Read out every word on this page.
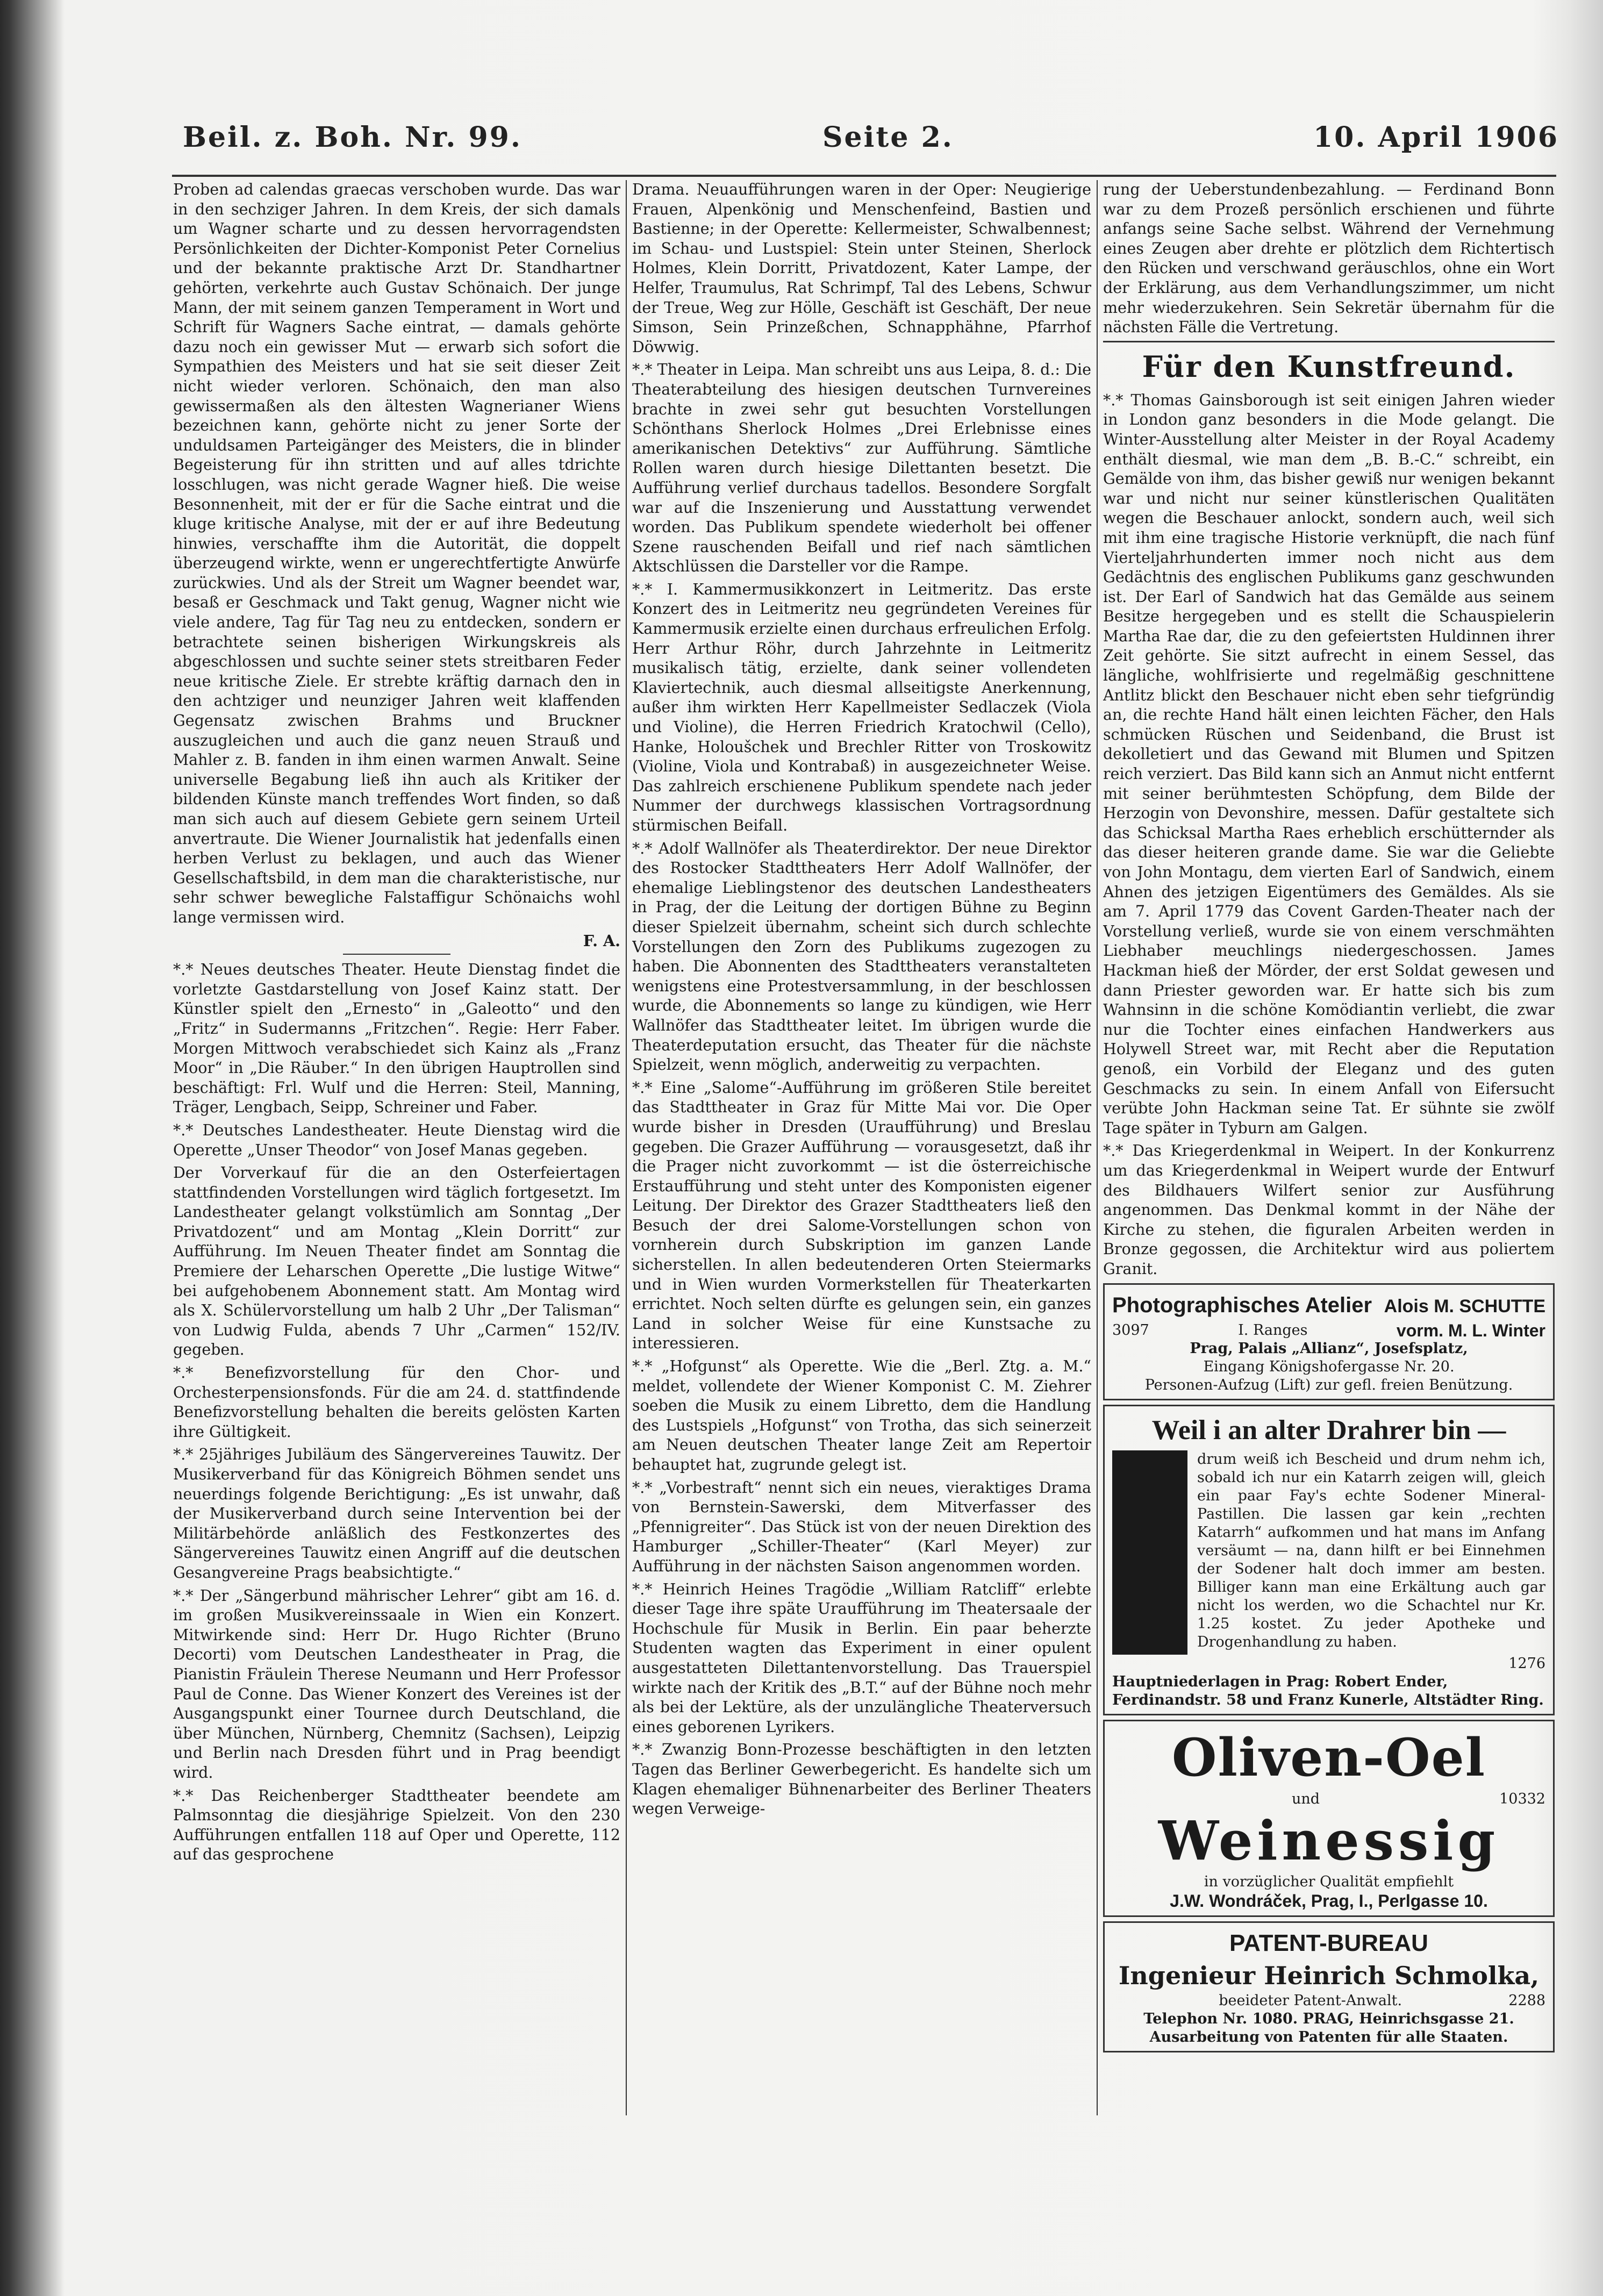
Beil. z. Boh. Nr. 99.	Seite 2.	10. April 1906

Proben ad calendas graecas verschoben wurde. Das war in den sechziger Jahren. In dem Kreis, der sich damals um Wagner scharte und zu dessen hervorragendsten Persönlichkeiten der Dichter-Komponist Peter Cornelius und der bekannte praktische Arzt Dr. Standhartner gehörten, verkehrte auch Gustav Schönaich. Der junge Mann, der mit seinem ganzen Temperament in Wort und Schrift für Wagners Sache eintrat, — damals gehörte dazu noch ein gewisser Mut — erwarb sich sofort die Sympathien des Meisters und hat sie seit dieser Zeit nicht wieder verloren. Schönaich, den man also gewissermaßen als den ältesten Wagnerianer Wiens bezeichnen kann, gehörte nicht zu jener Sorte der unduldsamen Parteigänger des Meisters, die in blinder Begeisterung für ihn stritten und auf alles tdrichte losschlugen, was nicht gerade Wagner hieß. Die weise Besonnenheit, mit der er für die Sache eintrat und die kluge kritische Analyse, mit der er auf ihre Bedeutung hinwies, verschaffte ihm die Autorität, die doppelt überzeugend wirkte, wenn er ungerechtfertigte Anwürfe zurückwies. Und als der Streit um Wagner beendet war, besaß er Geschmack und Takt genug, Wagner nicht wie viele andere, Tag für Tag neu zu entdecken, sondern er betrachtete seinen bisherigen Wirkungskreis als abgeschlossen und suchte seiner stets streitbaren Feder neue kritische Ziele. Er strebte kräftig darnach den in den achtziger und neunziger Jahren weit klaffenden Gegensatz zwischen Brahms und Bruckner auszugleichen und auch die ganz neuen Strauß und Mahler z. B. fanden in ihm einen warmen Anwalt. Seine universelle Begabung ließ ihn auch als Kritiker der bildenden Künste manch treffendes Wort finden, so daß man sich auch auf diesem Gebiete gern seinem Urteil anvertraute. Die Wiener Journalistik hat jedenfalls einen herben Verlust zu beklagen, und auch das Wiener Gesellschaftsbild, in dem man die charakteristische, nur sehr schwer bewegliche Falstaffigur Schönaichs wohl lange vermissen wird.

F. A.

*.* Neues deutsches Theater. Heute Dienstag findet die vorletzte Gastdarstellung von Josef Kainz statt. Der Künstler spielt den „Ernesto“ in „Galeotto“ und den „Fritz“ in Sudermanns „Fritzchen“. Regie: Herr Faber. Morgen Mittwoch verabschiedet sich Kainz als „Franz Moor“ in „Die Räuber.“ In den übrigen Hauptrollen sind beschäftigt: Frl. Wulf und die Herren: Steil, Manning, Träger, Lengbach, Seipp, Schreiner und Faber.

*.* Deutsches Landestheater. Heute Dienstag wird die Operette „Unser Theodor“ von Josef Manas gegeben.

Der Vorverkauf für die an den Osterfeiertagen stattfindenden Vorstellungen wird täglich fortgesetzt. Im Landestheater gelangt volkstümlich am Sonntag „Der Privatdozent“ und am Montag „Klein Dorritt“ zur Aufführung. Im Neuen Theater findet am Sonntag die Premiere der Leharschen Operette „Die lustige Witwe“ bei aufgehobenem Abonnement statt. Am Montag wird als X. Schülervorstellung um halb 2 Uhr „Der Talisman“ von Ludwig Fulda, abends 7 Uhr „Carmen“ 152/IV. gegeben.

*.* Benefizvorstellung für den Chor- und Orchesterpensionsfonds. Für die am 24. d. stattfindende Benefizvorstellung behalten die bereits gelösten Karten ihre Gültigkeit.

*.* 25jähriges Jubiläum des Sängervereines Tauwitz. Der Musikerverband für das Königreich Böhmen sendet uns neuerdings folgende Berichtigung: „Es ist unwahr, daß der Musikerverband durch seine Intervention bei der Militärbehörde anläßlich des Festkonzertes des Sängervereines Tauwitz einen Angriff auf die deutschen Gesangvereine Prags beabsichtigte.“

*.* Der „Sängerbund mährischer Lehrer“ gibt am 16. d. im großen Musikvereinssaale in Wien ein Konzert. Mitwirkende sind: Herr Dr. Hugo Richter (Bruno Decorti) vom Deutschen Landestheater in Prag, die Pianistin Fräulein Therese Neumann und Herr Professor Paul de Conne. Das Wiener Konzert des Vereines ist der Ausgangspunkt einer Tournee durch Deutschland, die über München, Nürnberg, Chemnitz (Sachsen), Leipzig und Berlin nach Dresden führt und in Prag beendigt wird.

*.* Das Reichenberger Stadttheater beendete am Palmsonntag die diesjährige Spielzeit. Von den 230 Aufführungen entfallen 118 auf Oper und Operette, 112 auf das gesprochene

Drama. Neuaufführungen waren in der Oper: Neugierige Frauen, Alpenkönig und Menschenfeind, Bastien und Bastienne; in der Operette: Kellermeister, Schwalbennest; im Schau- und Lustspiel: Stein unter Steinen, Sherlock Holmes, Klein Dorritt, Privatdozent, Kater Lampe, der Helfer, Traumulus, Rat Schrimpf, Tal des Lebens, Schwur der Treue, Weg zur Hölle, Geschäft ist Geschäft, Der neue Simson, Sein Prinzeßchen, Schnapphähne, Pfarrhof Döwwig.

*.* Theater in Leipa. Man schreibt uns aus Leipa, 8. d.: Die Theaterabteilung des hiesigen deutschen Turnvereines brachte in zwei sehr gut besuchten Vorstellungen Schönthans Sherlock Holmes „Drei Erlebnisse eines amerikanischen Detektivs“ zur Aufführung. Sämtliche Rollen waren durch hiesige Dilettanten besetzt. Die Aufführung verlief durchaus tadellos. Besondere Sorgfalt war auf die Inszenierung und Ausstattung verwendet worden. Das Publikum spendete wiederholt bei offener Szene rauschenden Beifall und rief nach sämtlichen Aktschlüssen die Darsteller vor die Rampe.

*.* I. Kammermusikkonzert in Leitmeritz. Das erste Konzert des in Leitmeritz neu gegründeten Vereines für Kammermusik erzielte einen durchaus erfreulichen Erfolg. Herr Arthur Röhr, durch Jahrzehnte in Leitmeritz musikalisch tätig, erzielte, dank seiner vollendeten Klaviertechnik, auch diesmal allseitigste Anerkennung, außer ihm wirkten Herr Kapellmeister Sedlaczek (Viola und Violine), die Herren Friedrich Kratochwil (Cello), Hanke, Holoušchek und Brechler Ritter von Troskowitz (Violine, Viola und Kontrabaß) in ausgezeichneter Weise. Das zahlreich erschienene Publikum spendete nach jeder Nummer der durchwegs klassischen Vortragsordnung stürmischen Beifall.

*.* Adolf Wallnöfer als Theaterdirektor. Der neue Direktor des Rostocker Stadttheaters Herr Adolf Wallnöfer, der ehemalige Lieblingstenor des deutschen Landestheaters in Prag, der die Leitung der dortigen Bühne zu Beginn dieser Spielzeit übernahm, scheint sich durch schlechte Vorstellungen den Zorn des Publikums zugezogen zu haben. Die Abonnenten des Stadttheaters veranstalteten wenigstens eine Protestversammlung, in der beschlossen wurde, die Abonnements so lange zu kündigen, wie Herr Wallnöfer das Stadttheater leitet. Im übrigen wurde die Theaterdeputation ersucht, das Theater für die nächste Spielzeit, wenn möglich, anderweitig zu verpachten.

*.* Eine „Salome“-Aufführung im größeren Stile bereitet das Stadttheater in Graz für Mitte Mai vor. Die Oper wurde bisher in Dresden (Uraufführung) und Breslau gegeben. Die Grazer Aufführung — vorausgesetzt, daß ihr die Prager nicht zuvorkommt — ist die österreichische Erstaufführung und steht unter des Komponisten eigener Leitung. Der Direktor des Grazer Stadttheaters ließ den Besuch der drei Salome-Vorstellungen schon von vornherein durch Subskription im ganzen Lande sicherstellen. In allen bedeutenderen Orten Steiermarks und in Wien wurden Vormerkstellen für Theaterkarten errichtet. Noch selten dürfte es gelungen sein, ein ganzes Land in solcher Weise für eine Kunstsache zu interessieren.

*.* „Hofgunst“ als Operette. Wie die „Berl. Ztg. a. M.“ meldet, vollendete der Wiener Komponist C. M. Ziehrer soeben die Musik zu einem Libretto, dem die Handlung des Lustspiels „Hofgunst“ von Trotha, das sich seinerzeit am Neuen deutschen Theater lange Zeit am Repertoir behauptet hat, zugrunde gelegt ist.

*.* „Vorbestraft“ nennt sich ein neues, vieraktiges Drama von Bernstein-Sawerski, dem Mitverfasser des „Pfennigreiter“. Das Stück ist von der neuen Direktion des Hamburger „Schiller-Theater“ (Karl Meyer) zur Aufführung in der nächsten Saison angenommen worden.

*.* Heinrich Heines Tragödie „William Ratcliff“ erlebte dieser Tage ihre späte Uraufführung im Theatersaale der Hochschule für Musik in Berlin. Ein paar beherzte Studenten wagten das Experiment in einer opulent ausgestatteten Dilettantenvorstellung. Das Trauerspiel wirkte nach der Kritik des „B.T.“ auf der Bühne noch mehr als bei der Lektüre, als der unzulängliche Theaterversuch eines geborenen Lyrikers.

*.* Zwanzig Bonn-Prozesse beschäftigten in den letzten Tagen das Berliner Gewerbegericht. Es handelte sich um Klagen ehemaliger Bühnenarbeiter des Berliner Theaters wegen Verweige-

rung der Ueberstundenbezahlung. — Ferdinand Bonn war zu dem Prozeß persönlich erschienen und führte anfangs seine Sache selbst. Während der Vernehmung eines Zeugen aber drehte er plötzlich dem Richtertisch den Rücken und verschwand geräuschlos, ohne ein Wort der Erklärung, aus dem Verhandlungszimmer, um nicht mehr wiederzukehren. Sein Sekretär übernahm für die nächsten Fälle die Vertretung.

Für den Kunstfreund.

*.* Thomas Gainsborough ist seit einigen Jahren wieder in London ganz besonders in die Mode gelangt. Die Winter-Ausstellung alter Meister in der Royal Academy enthält diesmal, wie man dem „B. B.-C.“ schreibt, ein Gemälde von ihm, das bisher gewiß nur wenigen bekannt war und nicht nur seiner künstlerischen Qualitäten wegen die Beschauer anlockt, sondern auch, weil sich mit ihm eine tragische Historie verknüpft, die nach fünf Vierteljahrhunderten immer noch nicht aus dem Gedächtnis des englischen Publikums ganz geschwunden ist. Der Earl of Sandwich hat das Gemälde aus seinem Besitze hergegeben und es stellt die Schauspielerin Martha Rae dar, die zu den gefeiertsten Huldinnen ihrer Zeit gehörte. Sie sitzt aufrecht in einem Sessel, das längliche, wohlfrisierte und regelmäßig geschnittene Antlitz blickt den Beschauer nicht eben sehr tiefgründig an, die rechte Hand hält einen leichten Fächer, den Hals schmücken Rüschen und Seidenband, die Brust ist dekolletiert und das Gewand mit Blumen und Spitzen reich verziert. Das Bild kann sich an Anmut nicht entfernt mit seiner berühmtesten Schöpfung, dem Bilde der Herzogin von Devonshire, messen. Dafür gestaltete sich das Schicksal Martha Raes erheblich erschütternder als das dieser heiteren grande dame. Sie war die Geliebte von John Montagu, dem vierten Earl of Sandwich, einem Ahnen des jetzigen Eigentümers des Gemäldes. Als sie am 7. April 1779 das Covent Garden-Theater nach der Vorstellung verließ, wurde sie von einem verschmähten Liebhaber meuchlings niedergeschossen. James Hackman hieß der Mörder, der erst Soldat gewesen und dann Priester geworden war. Er hatte sich bis zum Wahnsinn in die schöne Komödiantin verliebt, die zwar nur die Tochter eines einfachen Handwerkers aus Holywell Street war, mit Recht aber die Reputation genoß, ein Vorbild der Eleganz und des guten Geschmacks zu sein. In einem Anfall von Eifersucht verübte John Hackman seine Tat. Er sühnte sie zwölf Tage später in Tyburn am Galgen.

*.* Das Kriegerdenkmal in Weipert. In der Konkurrenz um das Kriegerdenkmal in Weipert wurde der Entwurf des Bildhauers Wilfert senior zur Ausführung angenommen. Das Denkmal kommt in der Nähe der Kirche zu stehen, die figuralen Arbeiten werden in Bronze gegossen, die Architektur wird aus poliertem Granit.

Photographisches Atelier Alois M. SCHUTTE
3097	I. Ranges	vorm. M. L. Winter
Prag, Palais „Allianz“, Josefsplatz,
Eingang Königshofergasse Nr. 20.
Personen-Aufzug (Lift) zur gefl. freien Benützung.
Weil i an alter Drahrer bin —
drum weiß ich Bescheid und drum nehm ich, sobald ich nur ein Katarrh zeigen will, gleich ein paar Fay's echte Sodener Mineral-Pastillen. Die lassen gar kein „rechten Katarrh“ aufkommen und hat mans im Anfang versäumt — na, dann hilft er bei Einnehmen der Sodener halt doch immer am besten. Billiger kann man eine Erkältung auch gar nicht los werden, wo die Schachtel nur Kr. 1.25 kostet. Zu jeder Apotheke und Drogenhandlung zu haben.
1276
Hauptniederlagen in Prag: Robert Ender, Ferdinandstr. 58 und Franz Kunerle, Altstädter Ring.
Oliven-Oel
und	10332
Weinessig
in vorzüglicher Qualität empfiehlt
J.W. Wondráček, Prag, I., Perlgasse 10.
PATENT-BUREAU
Ingenieur Heinrich Schmolka,
beeideter Patent-Anwalt.	2288
Telephon Nr. 1080. PRAG, Heinrichsgasse 21.
Ausarbeitung von Patenten für alle Staaten.
